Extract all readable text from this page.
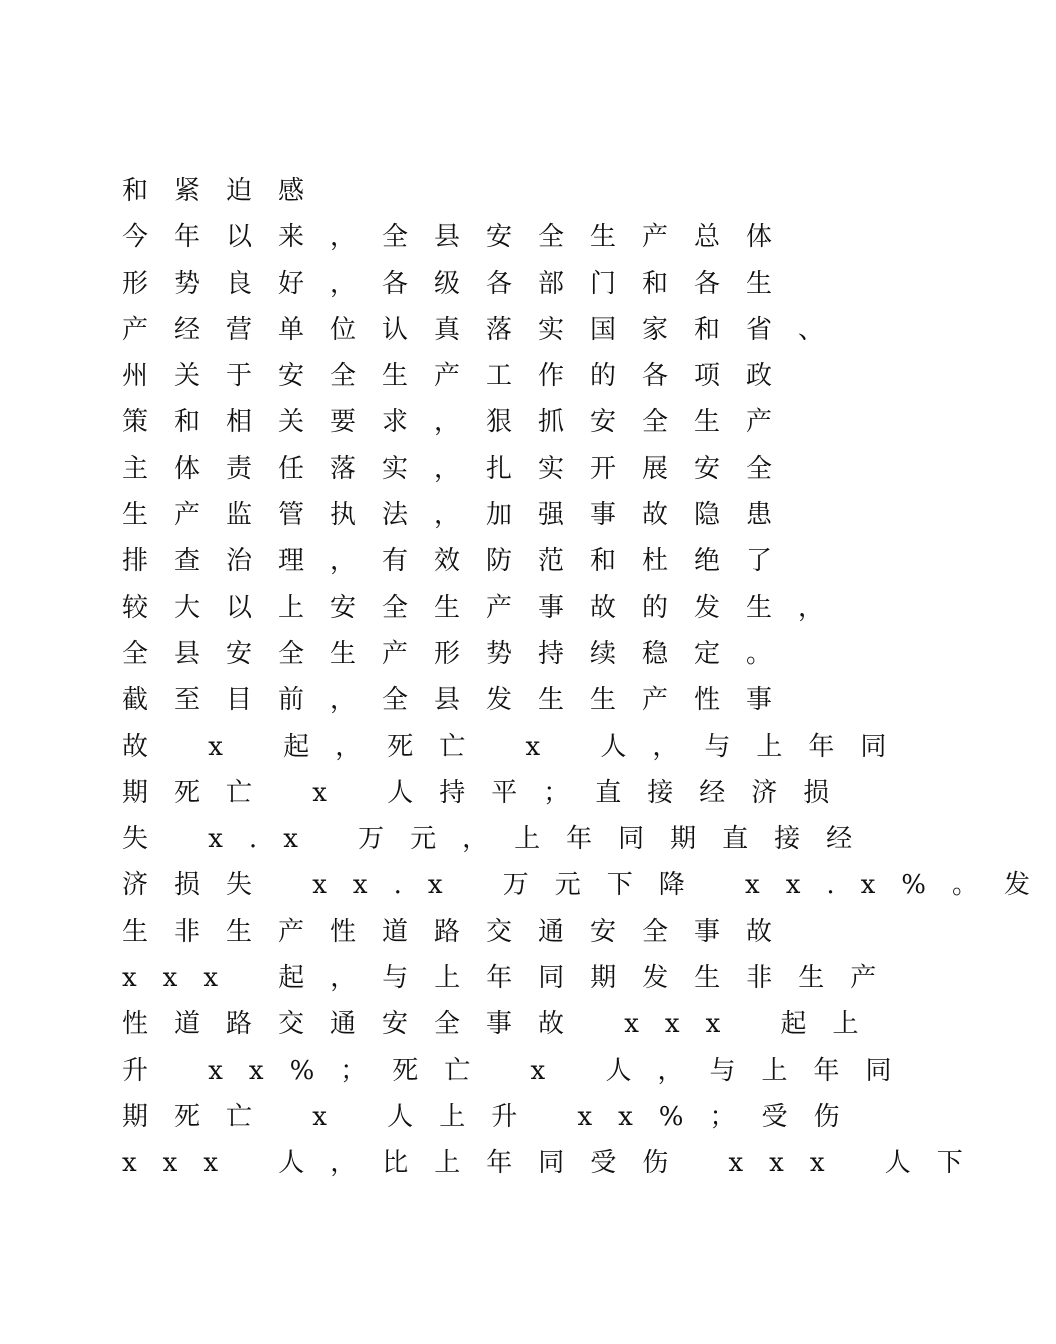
和紧迫感
今年以来，全县安全生产总体
形势良好，各级各部门和各生
产经营单位认真落实国家和省、
州关于安全生产工作的各项政
策和相关要求，狠抓安全生产
主体责任落实，扎实开展安全
生产监管执法，加强事故隐患
排查治理，有效防范和杜绝了
较大以上安全生产事故的发生，
全县安全生产形势持续稳定。
截至目前，全县发生生产性事
故 x 起，死亡 x 人，与上年同
期死亡 x 人持平；直接经济损
失 x.x 万元，上年同期直接经
济损失 xx.x 万元下降 xx.x%。发
生非生产性道路交通安全事故
xxx 起，与上年同期发生非生产
性道路交通安全事故 xxx 起上
升 xx%；死亡 x 人，与上年同
期死亡 x 人上升 xx%；受伤
xxx 人，比上年同受伤 xxx 人下
